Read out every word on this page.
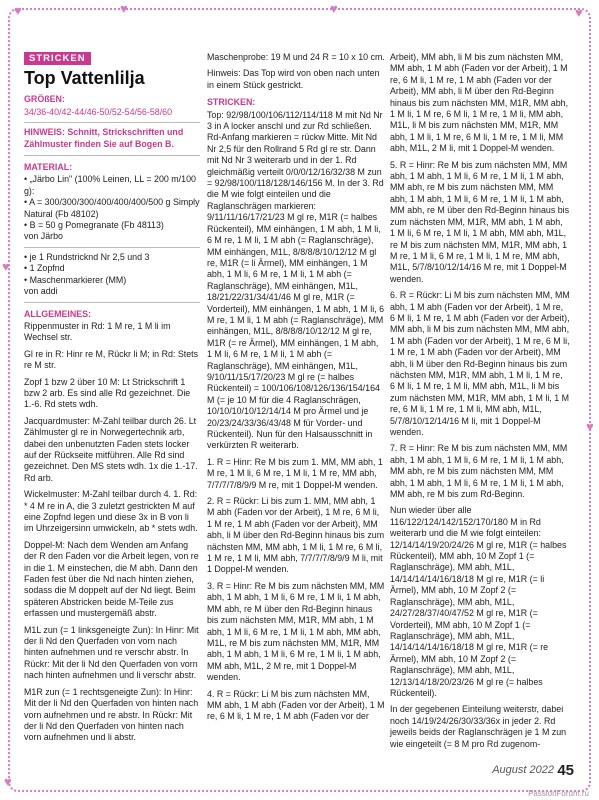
♥	♥	♥	♥
♥
♥
♥
STRICKEN
Top Vattenlilja
GRÖßEN:
34/36-40/42-44/46-50/52-54/56-58/60

HINWEIS: Schnitt, Strickschriften und Zählmuster finden Sie auf Bogen B.

MATERIAL:
• „Järbo Lin" (100% Leinen, LL = 200 m/100 g):
• A = 300/300/300/400/400/400/500 g Simply Natural (Fb 48102)
• B = 50 g Pomegranate (Fb 48113)
von Järbo
• je 1 Rundstricknd Nr 2,5 und 3
• 1 Zopfnd
• Maschenmarkierer (MM)
von addi
ALLGEMEINES:

Rippenmuster in Rd: 1 M re, 1 M li im Wechsel str.

Gl re in R: Hinr re M, Rückr li M; in Rd: Stets re M str.

Zopf 1 bzw 2 über 10 M: Lt Strickschrift 1 bzw 2 arb. Es sind alle Rd gezeichnet. Die 1.-6. Rd stets wdh.

Jacquardmuster: M-Zahl teilbar durch 26. Lt Zählmuster gl re in Norwegertechnik arb, dabei den unbenutzten Faden stets locker auf der Rückseite mitführen. Alle Rd sind gezeichnet. Den MS stets wdh. 1x die 1.-17. Rd arb.

Wickelmuster: M-Zahl teilbar durch 4. 1. Rd: * 4 M re in A, die 3 zuletzt gestrickten M auf eine Zopfnd legen und diese 3x in B von li im Uhrzeigersinn umwickeln, ab * stets wdh.

Doppel-M: Nach dem Wenden am Anfang der R den Faden vor die Arbeit legen, von re in die 1. M einstechen, die M abh. Dann den Faden fest über die Nd nach hinten ziehen, sodass die M doppelt auf der Nd liegt. Beim späteren Abstricken beide M-Teile zus erfassen und mustergemäß abstr.

M1L zun (= 1 linksgeneigte Zun): In Hinr: Mit der li Nd den Querfaden von vorn nach hinten aufnehmen und re verschr abstr. In Rückr: Mit der li Nd den Querfaden von vorn nach hinten aufnehmen und li verschr abstr.

M1R zun (= 1 rechtsgeneigte Zun): In Hinr: Mit der li Nd den Querfaden von hinten nach vorn aufnehmen und re abstr. In Rückr: Mit der li Nd den Querfaden von hinten nach vorn aufnehmen und li abstr.

Maschenprobe: 19 M und 24 R = 10 x 10 cm.

Hinweis: Das Top wird von oben nach unten in einem Stück gestrickt.

STRICKEN:

Top: 92/98/100/106/112/114/118 M mit Nd Nr 3 in A locker anschl und zur Rd schließen. Rd-Anfang markieren = rückw Mitte. Mit Nd Nr 2,5 für den Rollrand 5 Rd gl re str. Dann mit Nd Nr 3 weiterarb und in der 1. Rd gleichmäßig verteilt 0/0/0/12/16/32/38 M zun = 92/98/100/118/128/146/156 M. In der 3. Rd die M wie folgt einteilen und die Raglanschrägen markieren: 9/11/11/16/17/21/23 M gl re, M1R (= halbes Rückenteil), MM einhängen, 1 M abh, 1 M li, 6 M re, 1 M li, 1 M abh (= Raglanschräge), MM einhängen, M1L, 8/8/8/8/10/12/12 M gl re, M1R (= li Ärmel), MM einhängen, 1 M abh, 1 M li, 6 M re, 1 M li, 1 M abh (= Raglanschräge), MM einhängen, M1L, 18/21/22/31/34/41/46 M gl re, M1R (= Vorderteil), MM einhängen, 1 M abh, 1 M li, 6 M re, 1 M li, 1 M abh (= Raglanschräge), MM einhängen, M1L, 8/8/8/8/10/12/12 M gl re, M1R (= re Ärmel), MM einhängen, 1 M abh, 1 M li, 6 M re, 1 M li, 1 M abh (= Raglanschräge), MM einhängen, M1L, 9/10/11/15/17/20/23 M gl re (= halbes Rückenteil) = 100/106/108/126/136/154/164 M (= je 10 M für die 4 Raglanschrägen, 10/10/10/10/12/14/14 M pro Ärmel und je 20/23/24/33/36/43/48 M für Vorder- und Rückenteil). Nun für den Halsausschnitt in verkürzten R weiterarb.

1. R = Hinr: Re M bis zum 1. MM, MM abh, 1 M re, 1 M li, 6 M re, 1 M li, 1 M re, MM abh, 7/7/7/7/8/9/9 M re, mit 1 Doppel-M wenden.

2. R = Rückr: Li bis zum 1. MM, MM abh, 1 M abh (Faden vor der Arbeit), 1 M re, 6 M li, 1 M re, 1 M abh (Faden vor der Arbeit), MM abh, li M über den Rd-Beginn hinaus bis zum nächsten MM, MM abh, 1 M li, 1 M re, 6 M li, 1 M re, 1 M li, MM abh, 7/7/7/7/8/9/9 M li, mit 1 Doppel-M wenden.

3. R = Hinr: Re M bis zum nächsten MM, MM abh, 1 M abh, 1 M li, 6 M re, 1 M li, 1 M abh, MM abh, re M über den Rd-Beginn hinaus bis zum nächsten MM, M1R, MM abh, 1 M abh, 1 M li, 6 M re, 1 M li, 1 M abh, MM abh, M1L, re M bis zum nächsten MM, M1R, MM abh, 1 M abh, 1 M li, 6 M re, 1 M li, 1 M abh, MM abh, M1L, 2 M re, mit 1 Doppel-M wenden.

4. R = Rückr: Li M bis zum nächsten MM, MM abh, 1 M abh (Faden vor der Arbeit), 1 M re, 6 M li, 1 M re, 1 M abh (Faden vor der

Arbeit), MM abh, li M bis zum nächsten MM, MM abh, 1 M abh (Faden vor der Arbeit), 1 M re, 6 M li, 1 M re, 1 M abh (Faden vor der Arbeit), MM abh, li M über den Rd-Beginn hinaus bis zum nächsten MM, M1R, MM abh, 1 M li, 1 M re, 6 M li, 1 M re, 1 M li, MM abh, M1L, li M bis zum nächsten MM, M1R, MM abh, 1 M li, 1 M re, 6 M li, 1 M re, 1 M li, MM abh, M1L, 2 M li, mit 1 Doppel-M wenden.

5. R = Hinr: Re M bis zum nächsten MM, MM abh, 1 M abh, 1 M li, 6 M re, 1 M li, 1 M abh, MM abh, re M bis zum nächsten MM, MM abh, 1 M abh, 1 M li, 6 M re, 1 M li, 1 M abh, MM abh, re M über den Rd-Beginn hinaus bis zum nächsten MM, M1R, MM abh, 1 M abh, 1 M li, 6 M re, 1 M li, 1 M abh, MM abh, M1L, re M bis zum nächsten MM, M1R, MM abh, 1 M re, 1 M li, 6 M re, 1 M li, 1 M re, MM abh, M1L, 5/7/8/10/12/14/16 M re, mit 1 Doppel-M wenden.

6. R = Rückr: Li M bis zum nächsten MM, MM abh, 1 M abh (Faden vor der Arbeit), 1 M re, 6 M li, 1 M re, 1 M abh (Faden vor der Arbeit), MM abh, li M bis zum nächsten MM, MM abh, 1 M abh (Faden vor der Arbeit), 1 M re, 6 M li, 1 M re, 1 M abh (Faden vor der Arbeit), MM abh, li M über den Rd-Beginn hinaus bis zum nächsten MM, M1R, MM abh, 1 M li, 1 M re, 6 M li, 1 M re, 1 M li, MM abh, M1L, li M bis zum nächsten MM, M1R, MM abh, 1 M li, 1 M re, 6 M li, 1 M re, 1 M li, MM abh, M1L, 5/7/8/10/12/14/16 M li, mit 1 Doppel-M wenden.

7. R = Hinr: Re M bis zum nächsten MM, MM abh, 1 M abh, 1 M li, 6 M re, 1 M li, 1 M abh, MM abh, re M bis zum nächsten MM, MM abh, 1 M abh, 1 M li, 6 M re, 1 M li, 1 M abh, MM abh, re M bis zum Rd-Beginn.

Nun wieder über alle 116/122/124/142/152/170/180 M in Rd weiterarb und die M wie folgt einteilen: 12/14/14/19/20/24/26 M gl re, M1R (= halbes Rückenteil), MM abh, 10 M Zopf 1 (= Raglanschräge), MM abh, M1L, 14/14/14/14/16/18/18 M gl re, M1R (= li Ärmel), MM abh, 10 M Zopf 2 (= Raglanschräge), MM abh, M1L, 24/27/28/37/40/47/52 M gl re, M1R (= Vorderteil), MM abh, 10 M Zopf 1 (= Raglanschräge), MM abh, M1L, 14/14/14/14/16/18/18 M gl re, M1R (= re Ärmel), MM abh, 10 M Zopf 2 (= Raglanschräge), MM abh, M1L, 12/13/14/18/20/23/26 M gl re (= halbes Rückenteil).

In der gegebenen Einteilung weiterstr, dabei noch 14/19/24/26/30/33/36x in jeder 2. Rd jeweils beids der Raglanschrägen je 1 M zun wie eingeteilt (= 8 M pro Rd zugenom-

August 2022 45
PassionForum.ru
